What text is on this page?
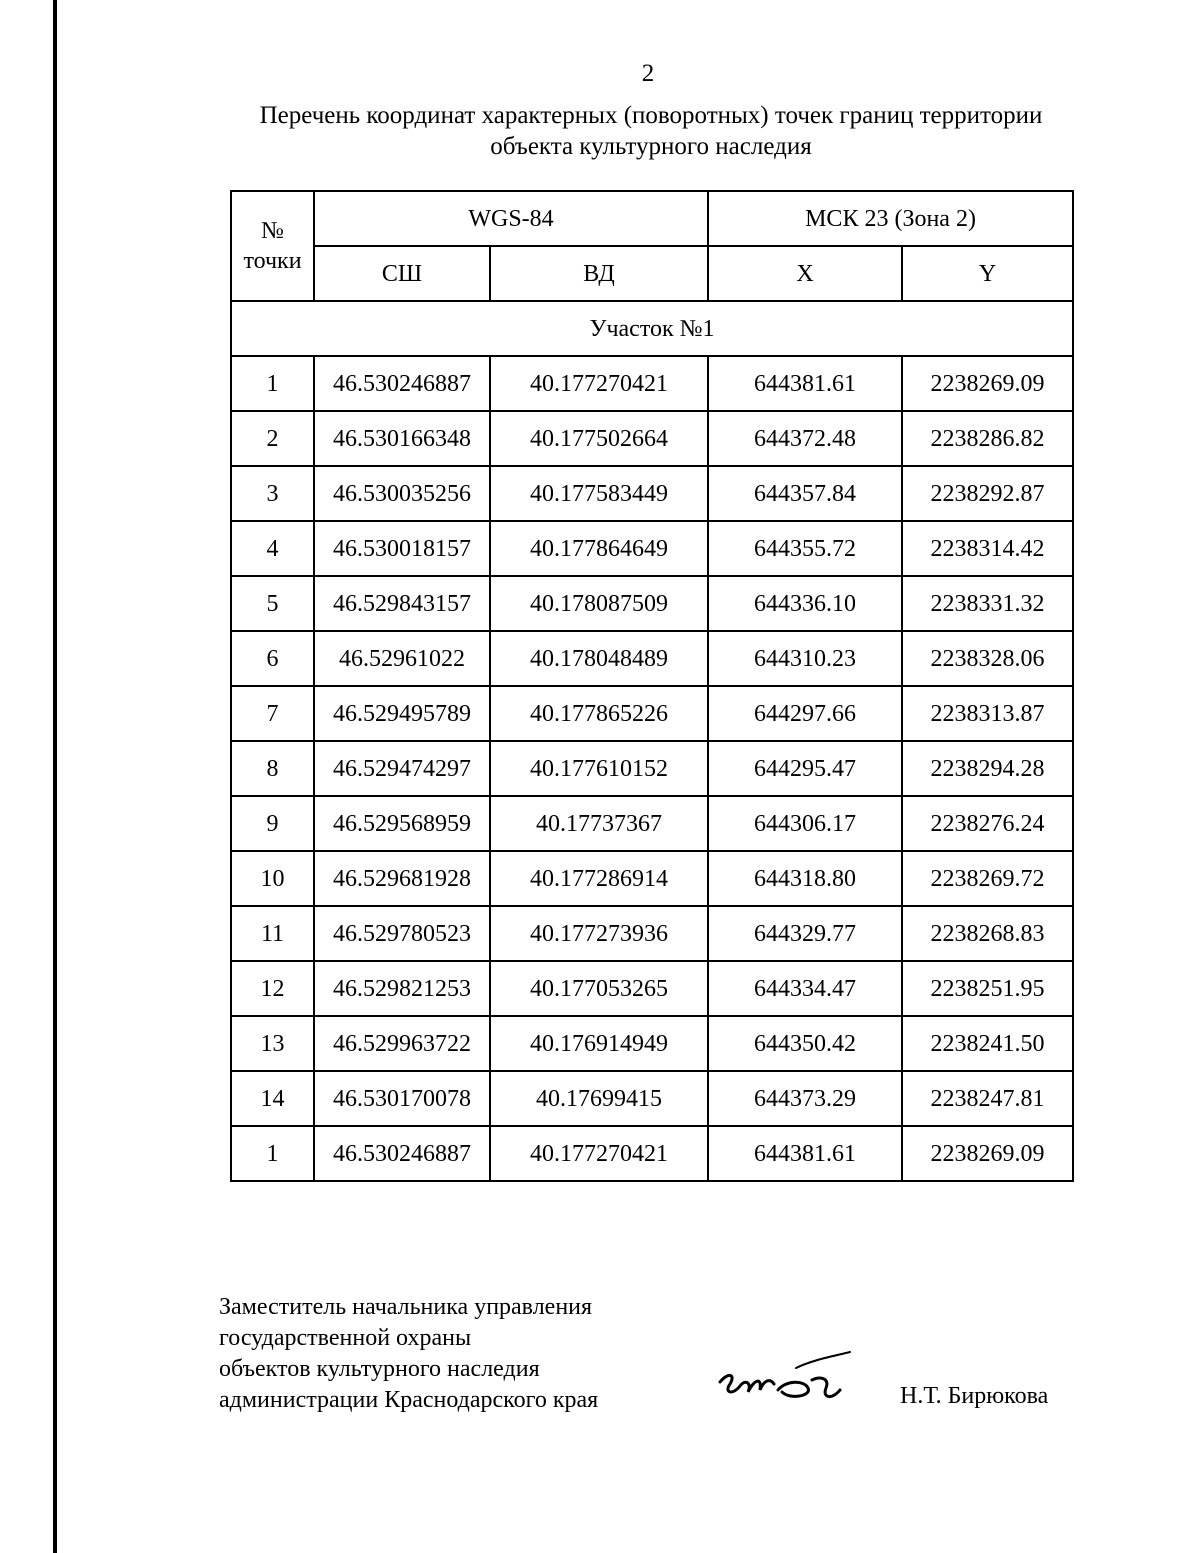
2
Перечень координат характерных (поворотных) точек границ территории
объекта культурного наследия
№ точки	WGS-84		МСК 23 (Зона 2)	
	СШ	ВД	X	Y
Участок №1				
1	46.530246887	40.177270421	644381.61	2238269.09
2	46.530166348	40.177502664	644372.48	2238286.82
3	46.530035256	40.177583449	644357.84	2238292.87
4	46.530018157	40.177864649	644355.72	2238314.42
5	46.529843157	40.178087509	644336.10	2238331.32
6	46.52961022	40.178048489	644310.23	2238328.06
7	46.529495789	40.177865226	644297.66	2238313.87
8	46.529474297	40.177610152	644295.47	2238294.28
9	46.529568959	40.17737367	644306.17	2238276.24
10	46.529681928	40.177286914	644318.80	2238269.72
11	46.529780523	40.177273936	644329.77	2238268.83
12	46.529821253	40.177053265	644334.47	2238251.95
13	46.529963722	40.176914949	644350.42	2238241.50
14	46.530170078	40.17699415	644373.29	2238247.81
1	46.530246887	40.177270421	644381.61	2238269.09
Заместитель начальника управления
государственной охраны
объектов культурного наследия
администрации Краснодарского края	Н.Т. Бирюкова
